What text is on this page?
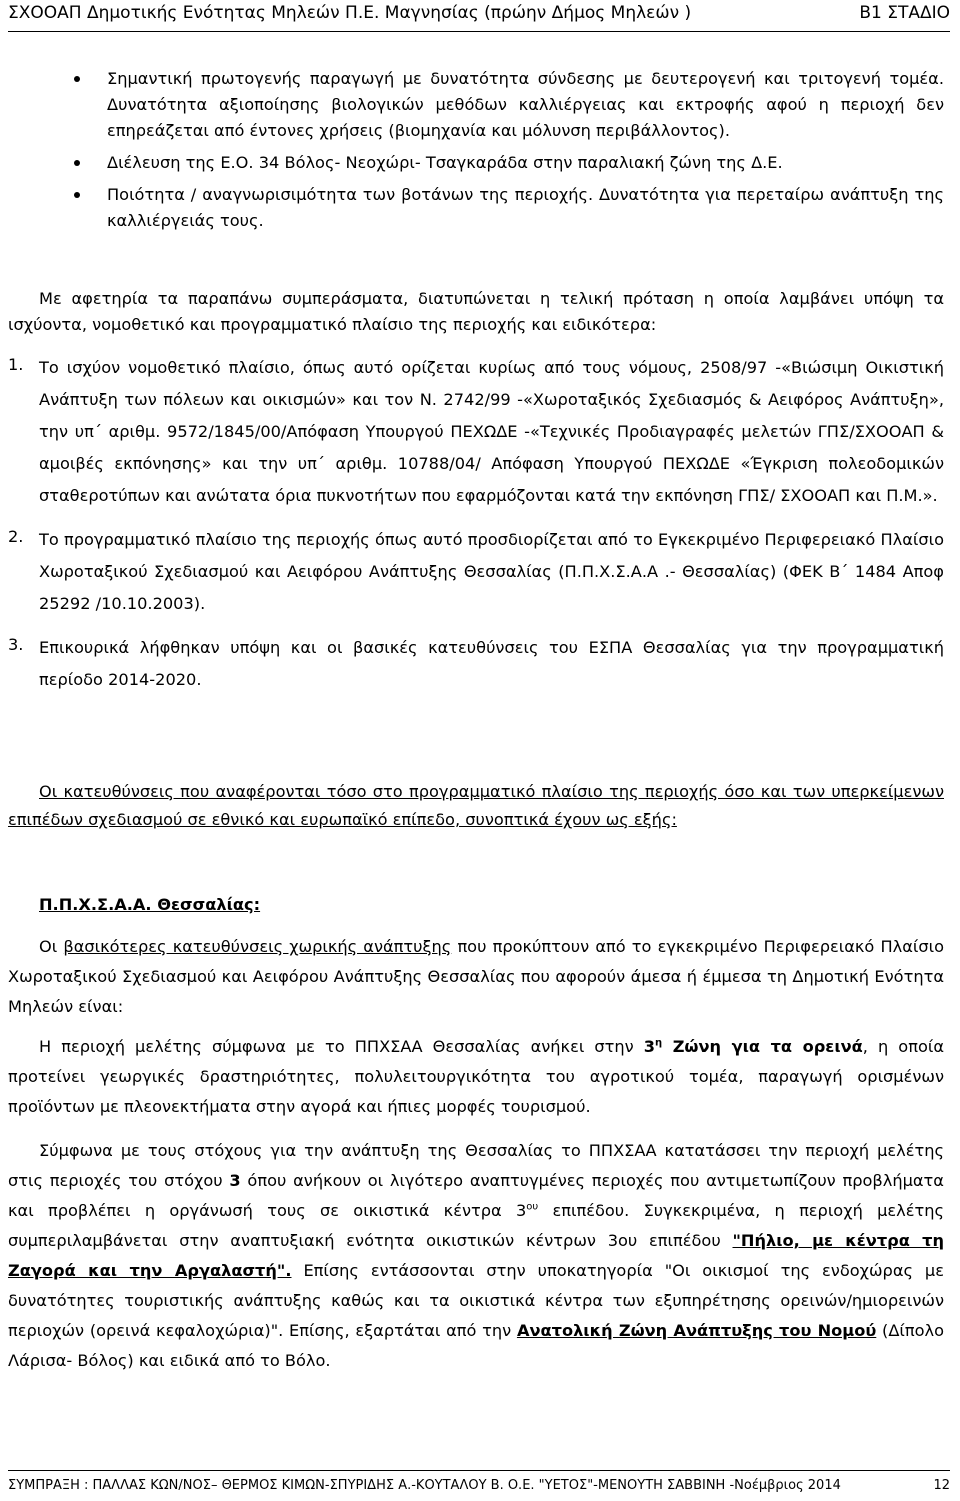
ΣΧΟΟΑΠ Δημοτικής Ενότητας Μηλεών Π.Ε. Μαγνησίας (πρώην Δήμος Μηλεών )	Β1 ΣΤΑΔΙΟ
Σημαντική πρωτογενής παραγωγή με δυνατότητα σύνδεσης με δευτερογενή και τριτογενή τομέα. Δυνατότητα αξιοποίησης βιολογικών μεθόδων καλλιέργειας και εκτροφής αφού η περιοχή δεν επηρεάζεται από έντονες χρήσεις (βιομηχανία και μόλυνση περιβάλλοντος).
Διέλευση της Ε.Ο. 34 Βόλος- Νεοχώρι- Τσαγκαράδα στην παραλιακή ζώνη της Δ.Ε.
Ποιότητα / αναγνωρισιμότητα των βοτάνων της περιοχής. Δυνατότητα για περεταίρω ανάπτυξη της καλλιέργειάς τους.

Με αφετηρία τα παραπάνω συμπεράσματα, διατυπώνεται η τελική πρόταση η οποία λαμβάνει υπόψη τα ισχύοντα, νομοθετικό και προγραμματικό πλαίσιο της περιοχής και ειδικότερα:

1. Το ισχύον νομοθετικό πλαίσιο, όπως αυτό ορίζεται κυρίως από τους νόμους, 2508/97 -«Βιώσιμη Οικιστική Ανάπτυξη των πόλεων και οικισμών» και τον Ν. 2742/99 -«Χωροταξικός Σχεδιασμός & Αειφόρος Ανάπτυξη», την υπ΄ αριθμ. 9572/1845/00/Απόφαση Υπουργού ΠΕΧΩΔΕ -«Τεχνικές Προδιαγραφές μελετών ΓΠΣ/ΣΧΟΟΑΠ & αμοιβές εκπόνησης» και την υπ΄ αριθμ. 10788/04/ Απόφαση Υπουργού ΠΕΧΩΔΕ «Έγκριση πολεοδομικών σταθεροτύπων και ανώτατα όρια πυκνοτήτων που εφαρμόζονται κατά την εκπόνηση ΓΠΣ/ ΣΧΟΟΑΠ και Π.Μ.».
2. Το προγραμματικό πλαίσιο της περιοχής όπως αυτό προσδιορίζεται από το Εγκεκριμένο Περιφερειακό Πλαίσιο Χωροταξικού Σχεδιασμού και Αειφόρου Ανάπτυξης Θεσσαλίας (Π.Π.Χ.Σ.Α.Α .- Θεσσαλίας) (ΦΕΚ Β΄ 1484 Αποφ 25292 /10.10.2003).
3. Επικουρικά λήφθηκαν υπόψη και οι βασικές κατευθύνσεις του ΕΣΠΑ Θεσσαλίας για την προγραμματική περίοδο 2014-2020.

Οι κατευθύνσεις που αναφέρονται τόσο στο προγραμματικό πλαίσιο της περιοχής όσο και των υπερκείμενων επιπέδων σχεδιασμού σε εθνικό και ευρωπαϊκό επίπεδο, συνοπτικά έχουν ως εξής:

Π.Π.Χ.Σ.Α.Α. Θεσσαλίας:

Οι βασικότερες κατευθύνσεις χωρικής ανάπτυξης που προκύπτουν από το εγκεκριμένο Περιφερειακό Πλαίσιο Χωροταξικού Σχεδιασμού και Αειφόρου Ανάπτυξης Θεσσαλίας που αφορούν άμεσα ή έμμεσα τη Δημοτική Ενότητα Μηλεών είναι:

Η περιοχή μελέτης σύμφωνα με το ΠΠΧΣΑΑ Θεσσαλίας ανήκει στην $3^\eta$ Ζώνη για τα ορεινά, η οποία προτείνει γεωργικές δραστηριότητες, πολυλειτουργικότητα του αγροτικού τομέα, παραγωγή ορισμένων προϊόντων με πλεονεκτήματα στην αγορά και ήπιες μορφές τουρισμού.

Σύμφωνα με τους στόχους για την ανάπτυξη της Θεσσαλίας το ΠΠΧΣΑΑ κατατάσσει την περιοχή μελέτης στις περιοχές του στόχου 3 όπου ανήκουν οι λιγότερο αναπτυγμένες περιοχές που αντιμετωπίζουν προβλήματα και προβλέπει η οργάνωσή τους σε οικιστικά κέντρα $3^{o\upsilon}$ επιπέδου. Συγκεκριμένα, η περιοχή μελέτης συμπεριλαμβάνεται στην αναπτυξιακή ενότητα οικιστικών κέντρων 3ου επιπέδου "Πήλιο, με κέντρα τη Ζαγορά και την Αργαλαστή". Επίσης εντάσσονται στην υποκατηγορία "Οι οικισμοί της ενδοχώρας με δυνατότητες τουριστικής ανάπτυξης καθώς και τα οικιστικά κέντρα των εξυπηρέτησης ορεινών/ημιορεινών περιοχών (ορεινά κεφαλοχώρια)". Επίσης, εξαρτάται από την Ανατολική Ζώνη Ανάπτυξης του Νομού (Δίπολο Λάρισα- Βόλος) και ειδικά από το Βόλο.

ΣΥΜΠΡΑΞΗ : ΠΑΛΛΑΣ ΚΩΝ/ΝΟΣ– ΘΕΡΜΟΣ ΚΙΜΩΝ-ΣΠΥΡΙΔΗΣ Α.-ΚΟΥΤΑΛΟΥ Β. Ο.Ε. "ΥΕΤΟΣ"-ΜΕΝΟΥΤΗ ΣΑΒΒΙΝΗ -Νοέμβριος 2014	12
